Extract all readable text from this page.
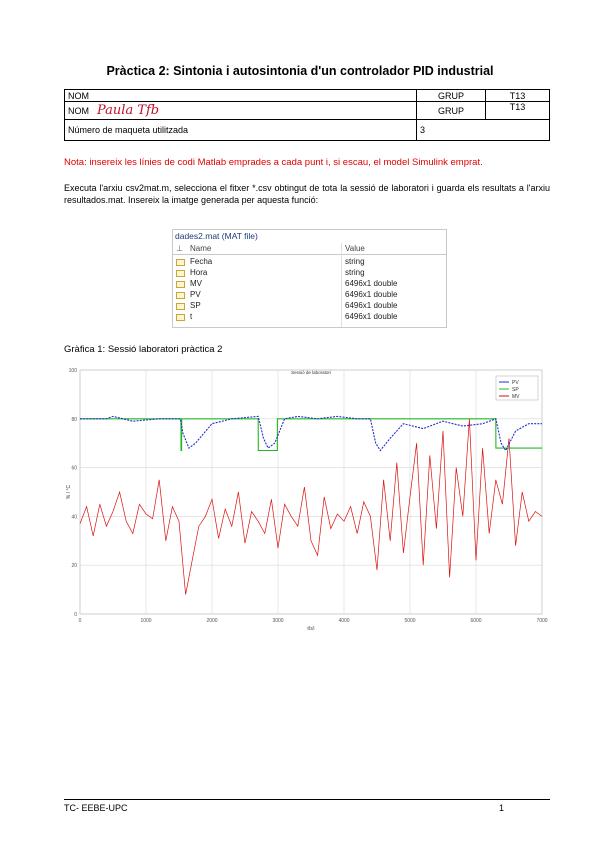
Pràctica 2: Sintonia i autosintonia d'un controlador PID industrial
NOM	GRUP	T13
NOM Paula Tfb	GRUP	T13
Número de maqueta utilitzada	3	
Nota: insereix les línies de codi Matlab emprades a cada punt i, si escau, el model Simulink emprat.
Executa l'arxiu csv2mat.m, selecciona el fitxer *.csv obtingut de tota la sessió de laboratori i guarda els resultats a l'arxiu resultados.mat. Insereix la imatge generada per aquesta funció:
dades2.mat (MAT file)
⊥ Name	Value
Fecha	string
Hora	string
MV	6496x1 double
PV	6496x1 double
SP	6496x1 double
t	6496x1 double
Gràfica 1: Sessió laboratori pràctica 2
0
20
40
60
80
100
0	1000	2000	3000	4000	5000	6000	7000
Sessió de laboratori
t(s)
% / °C
PV
SP
MV
TC- EEBE-UPC	1
